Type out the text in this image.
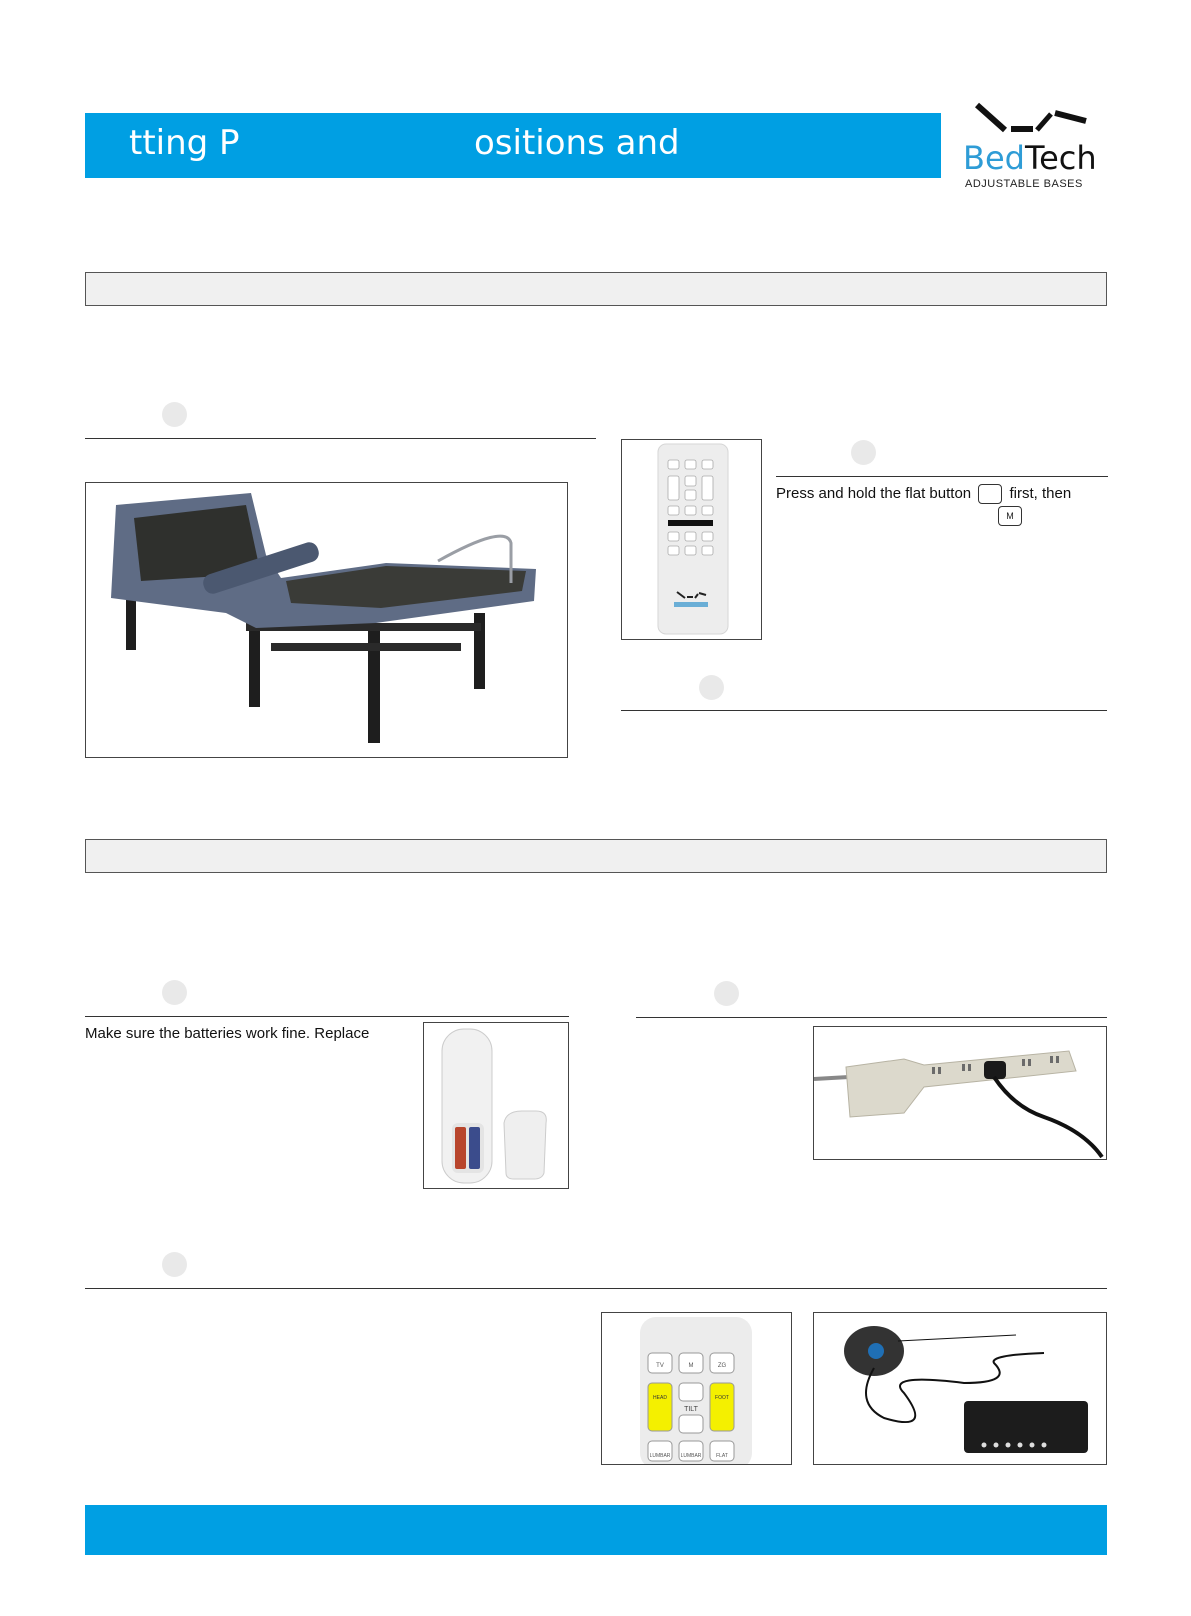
tting P	ositions and	BedTech
ADJUSTABLE BASES
Press and hold the flat button	first, then
M
Make sure the batteries work fine. Replace
TV	M	ZG
HEAD
TILT
FOOT
LUMBAR LUMBAR	FLAT
